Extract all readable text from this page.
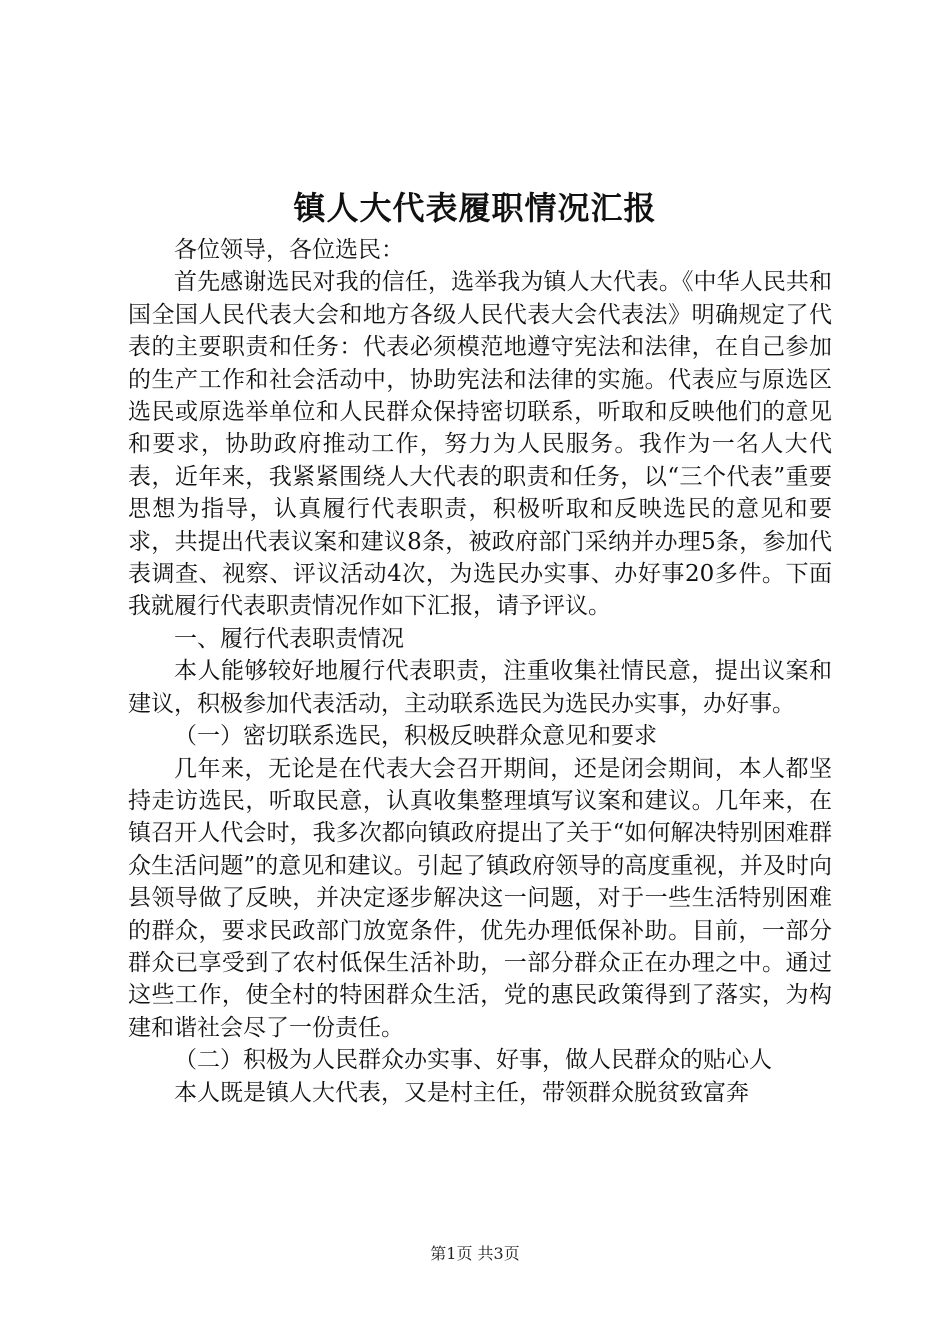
镇人大代表履职情况汇报

各位领导，各位选民：

首先感谢选民对我的信任，选举我为镇人大代表。《中华人民共和国全国人民代表大会和地方各级人民代表大会代表法》明确规定了代表的主要职责和任务：代表必须模范地遵守宪法和法律，在自己参加的生产工作和社会活动中，协助宪法和法律的实施。代表应与原选区选民或原选举单位和人民群众保持密切联系，听取和反映他们的意见和要求，协助政府推动工作，努力为人民服务。我作为一名人大代表，近年来，我紧紧围绕人大代表的职责和任务，以“三个代表”重要思想为指导，认真履行代表职责，积极听取和反映选民的意见和要求，共提出代表议案和建议8条，被政府部门采纳并办理5条，参加代表调查、视察、评议活动4次，为选民办实事、办好事20多件。下面我就履行代表职责情况作如下汇报，请予评议。

一、履行代表职责情况

本人能够较好地履行代表职责，注重收集社情民意，提出议案和建议，积极参加代表活动，主动联系选民为选民办实事，办好事。

（一）密切联系选民，积极反映群众意见和要求

几年来，无论是在代表大会召开期间，还是闭会期间，本人都坚持走访选民，听取民意，认真收集整理填写议案和建议。几年来，在镇召开人代会时，我多次都向镇政府提出了关于“如何解决特别困难群众生活问题”的意见和建议。引起了镇政府领导的高度重视，并及时向县领导做了反映，并决定逐步解决这一问题，对于一些生活特别困难的群众，要求民政部门放宽条件，优先办理低保补助。目前，一部分群众已享受到了农村低保生活补助，一部分群众正在办理之中。通过这些工作，使全村的特困群众生活，党的惠民政策得到了落实，为构建和谐社会尽了一份责任。

（二）积极为人民群众办实事、好事，做人民群众的贴心人

本人既是镇人大代表，又是村主任，带领群众脱贫致富奔

第1页 共3页
